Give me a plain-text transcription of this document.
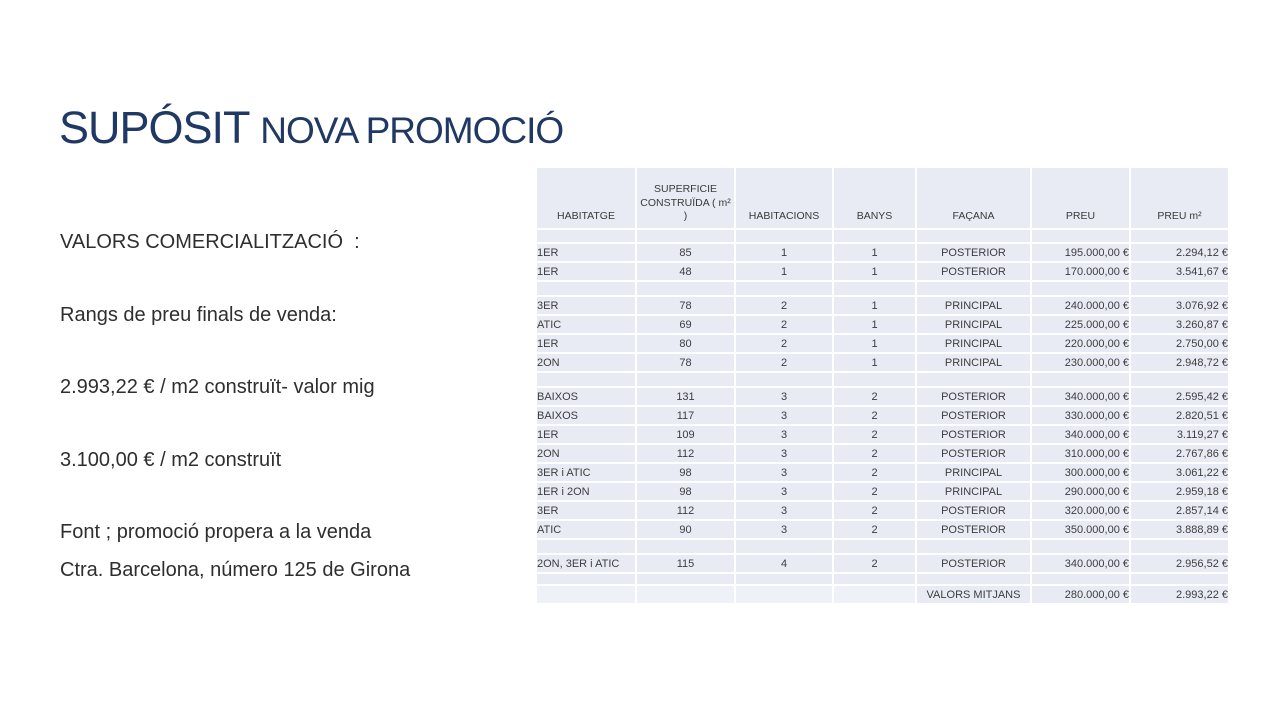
SUPÓSIT NOVA PROMOCIÓ

VALORS COMERCIALITZACIÓ  :

Rangs de preu finals de venda:

2.993,22 € / m2 construït- valor mig

3.100,00 € / m2 construït

Font ; promoció propera a la venda

Ctra. Barcelona, número 125 de Girona

HABITATGE	SUPERFICIE CONSTRUÏDA ( m² )	HABITACIONS	BANYS	FAÇANA	PREU	PREU m²

1ER	85	1	1	POSTERIOR	195.000,00 €	2.294,12 €
1ER	48	1	1	POSTERIOR	170.000,00 €	3.541,67 €

3ER	78	2	1	PRINCIPAL	240.000,00 €	3.076,92 €
ATIC	69	2	1	PRINCIPAL	225.000,00 €	3.260,87 €
1ER	80	2	1	PRINCIPAL	220.000,00 €	2.750,00 €
2ON	78	2	1	PRINCIPAL	230.000,00 €	2.948,72 €

BAIXOS	131	3	2	POSTERIOR	340.000,00 €	2.595,42 €
BAIXOS	117	3	2	POSTERIOR	330.000,00 €	2.820,51 €
1ER	109	3	2	POSTERIOR	340.000,00 €	3.119,27 €
2ON	112	3	2	POSTERIOR	310.000,00 €	2.767,86 €
3ER i ATIC	98	3	2	PRINCIPAL	300.000,00 €	3.061,22 €
1ER i 2ON	98	3	2	PRINCIPAL	290.000,00 €	2.959,18 €
3ER	112	3	2	POSTERIOR	320.000,00 €	2.857,14 €
ATIC	90	3	2	POSTERIOR	350.000,00 €	3.888,89 €

2ON, 3ER i ATIC	115	4	2	POSTERIOR	340.000,00 €	2.956,52 €

				VALORS MITJANS	280.000,00 €	2.993,22 €
